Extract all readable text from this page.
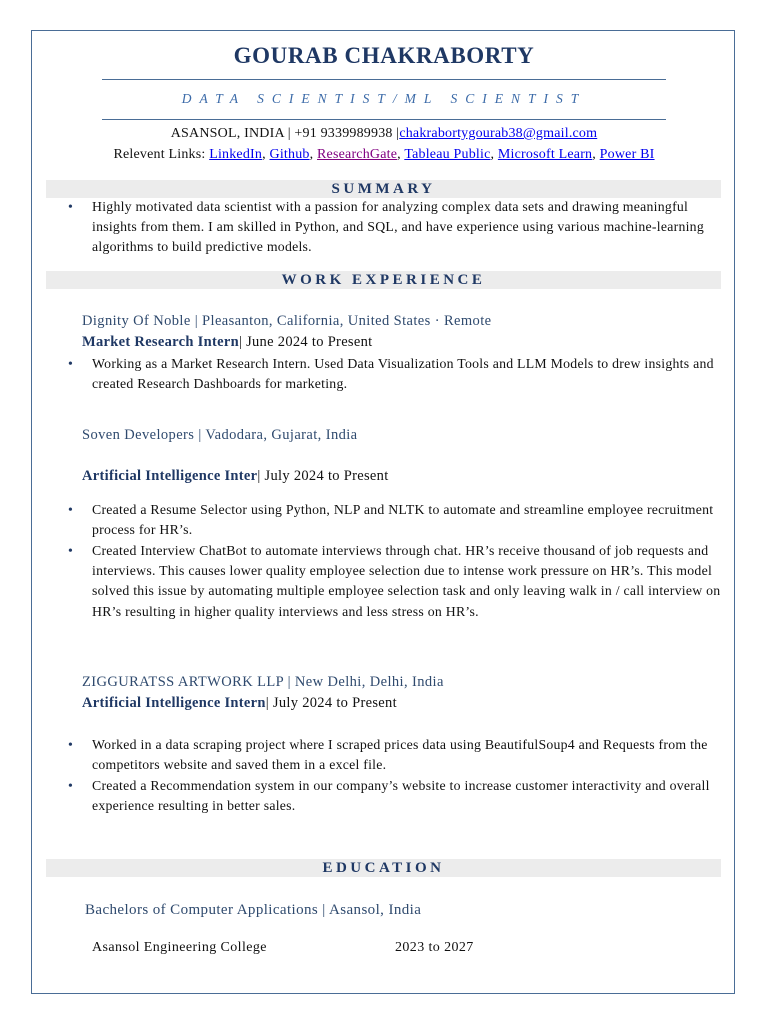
GOURAB CHAKRABORTY
DATA SCIENTIST/ML SCIENTIST
ASANSOL, INDIA | +91 9339989938 |chakrabortygourab38@gmail.com
Relevent Links: LinkedIn, Github, ResearchGate, Tableau Public, Microsoft Learn, Power BI
SUMMARY
•	Highly motivated data scientist with a passion for analyzing complex data sets and drawing meaningful insights from them. I am skilled in Python, and SQL, and have experience using various machine-learning algorithms to build predictive models.
WORK EXPERIENCE
Dignity Of Noble | Pleasanton, California, United States · Remote
Market Research Intern| June 2024 to Present
•	Working as a Market Research Intern. Used Data Visualization Tools and LLM Models to drew insights and created Research Dashboards for marketing.
Soven Developers | Vadodara, Gujarat, India
Artificial Intelligence Inter| July 2024 to Present
•	Created a Resume Selector using Python, NLP and NLTK to automate and streamline employee recruitment process for HR’s.
•	Created Interview ChatBot to automate interviews through chat. HR’s receive thousand of job requests and interviews. This causes lower quality employee selection due to intense work pressure on HR’s. This model solved this issue by automating multiple employee selection task and only leaving walk in / call interview on HR’s resulting in higher quality interviews and less stress on HR’s.
ZIGGURATSS ARTWORK LLP | New Delhi, Delhi, India
Artificial Intelligence Intern| July 2024 to Present
•	Worked in a data scraping project where I scraped prices data using BeautifulSoup4 and Requests from the competitors website and saved them in a excel file.
•	Created a Recommendation system in our company’s website to increase customer interactivity and overall experience resulting in better sales.
EDUCATION
Bachelors of Computer Applications | Asansol, India
Asansol Engineering College	2023 to 2027
